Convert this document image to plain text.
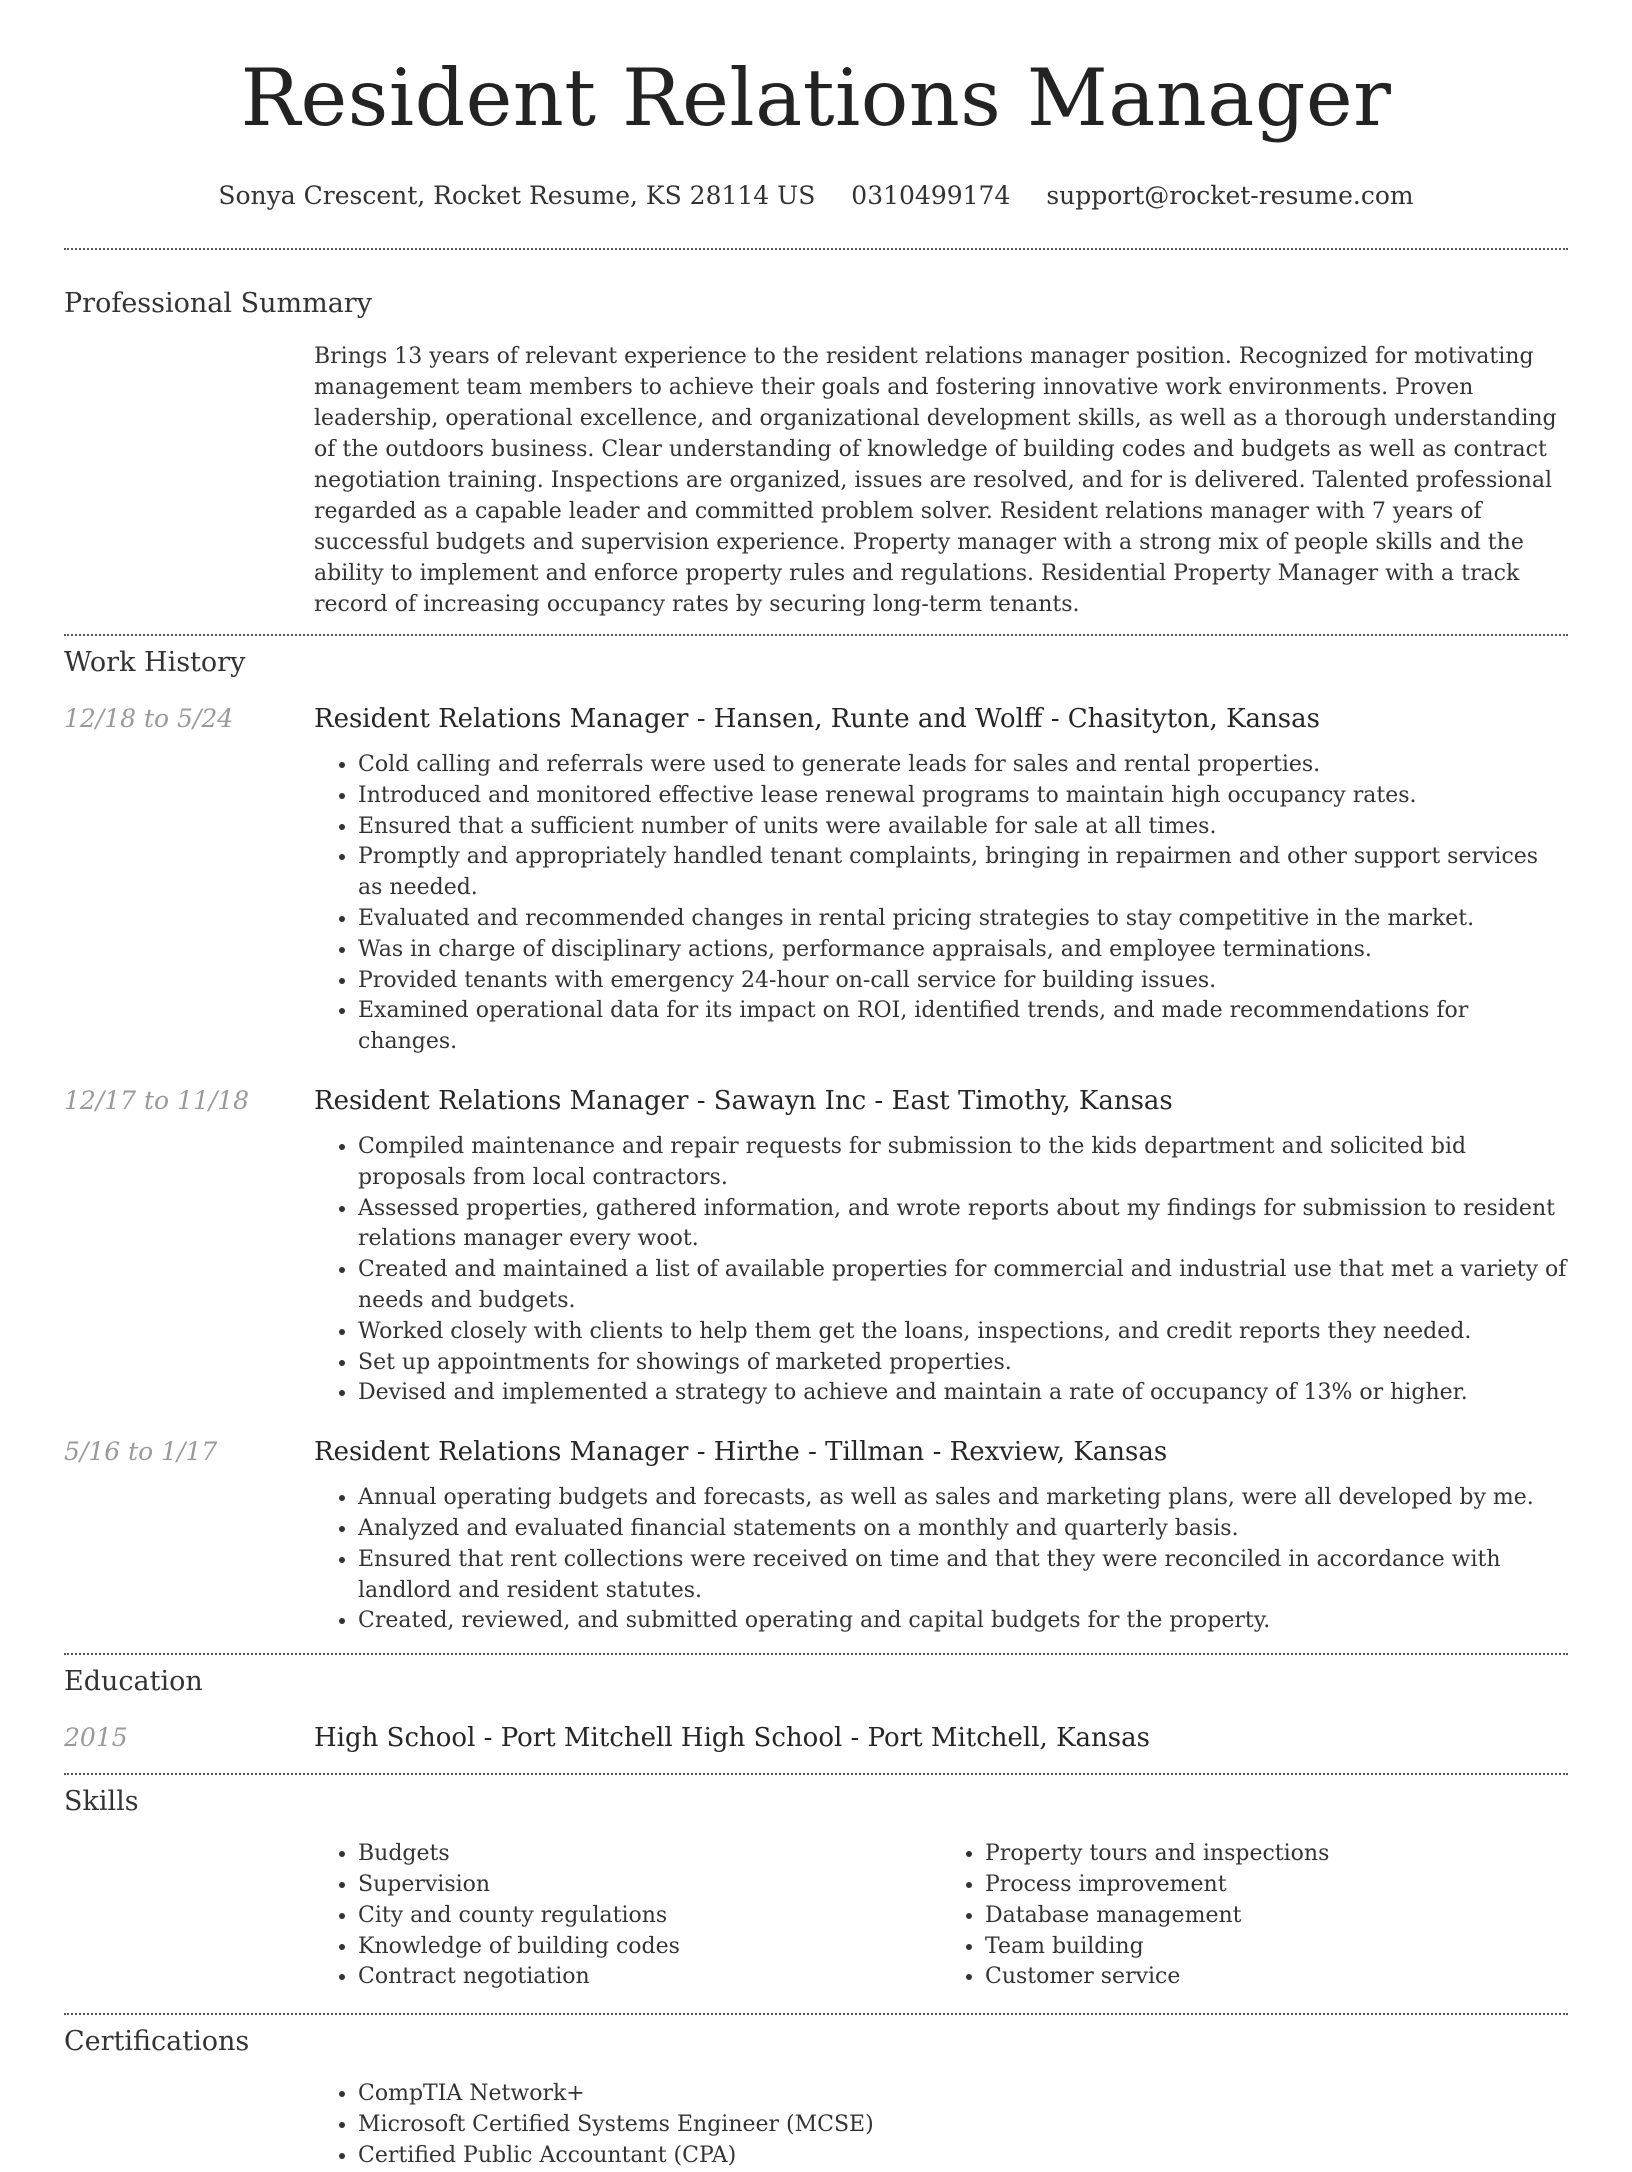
Resident Relations Manager
Sonya Crescent, Rocket Resume, KS 28114 US 0310499174 support@rocket-resume.com
Professional Summary

Brings 13 years of relevant experience to the resident relations manager position. Recognized for motivating management team members to achieve their goals and fostering innovative work environments. Proven leadership, operational excellence, and organizational development skills, as well as a thorough understanding of the outdoors business. Clear understanding of knowledge of building codes and budgets as well as contract negotiation training. Inspections are organized, issues are resolved, and for is delivered. Talented professional regarded as a capable leader and committed problem solver. Resident relations manager with 7 years of successful budgets and supervision experience. Property manager with a strong mix of people skills and the ability to implement and enforce property rules and regulations. Residential Property Manager with a track record of increasing occupancy rates by securing long-term tenants.

Work History
12/18 to 5/24	Resident Relations Manager - Hansen, Runte and Wolff - Chasityton, Kansas
• Cold calling and referrals were used to generate leads for sales and rental properties.
• Introduced and monitored effective lease renewal programs to maintain high occupancy rates.
• Ensured that a sufficient number of units were available for sale at all times.
• Promptly and appropriately handled tenant complaints, bringing in repairmen and other support services as needed.
• Evaluated and recommended changes in rental pricing strategies to stay competitive in the market.
• Was in charge of disciplinary actions, performance appraisals, and employee terminations.
• Provided tenants with emergency 24-hour on-call service for building issues.
• Examined operational data for its impact on ROI, identified trends, and made recommendations for changes.
12/17 to 11/18	Resident Relations Manager - Sawayn Inc - East Timothy, Kansas
• Compiled maintenance and repair requests for submission to the kids department and solicited bid proposals from local contractors.
• Assessed properties, gathered information, and wrote reports about my findings for submission to resident relations manager every woot.
• Created and maintained a list of available properties for commercial and industrial use that met a variety of needs and budgets.
• Worked closely with clients to help them get the loans, inspections, and credit reports they needed.
• Set up appointments for showings of marketed properties.
• Devised and implemented a strategy to achieve and maintain a rate of occupancy of 13% or higher.
5/16 to 1/17	Resident Relations Manager - Hirthe - Tillman - Rexview, Kansas
• Annual operating budgets and forecasts, as well as sales and marketing plans, were all developed by me.
• Analyzed and evaluated financial statements on a monthly and quarterly basis.
• Ensured that rent collections were received on time and that they were reconciled in accordance with landlord and resident statutes.
• Created, reviewed, and submitted operating and capital budgets for the property.
Education
2015	High School - Port Mitchell High School - Port Mitchell, Kansas
Skills
• Budgets
• Supervision
• City and county regulations
• Knowledge of building codes
• Contract negotiation
• Property tours and inspections
• Process improvement
• Database management
• Team building
• Customer service
Certifications
• CompTIA Network+
• Microsoft Certified Systems Engineer (MCSE)
• Certified Public Accountant (CPA)
